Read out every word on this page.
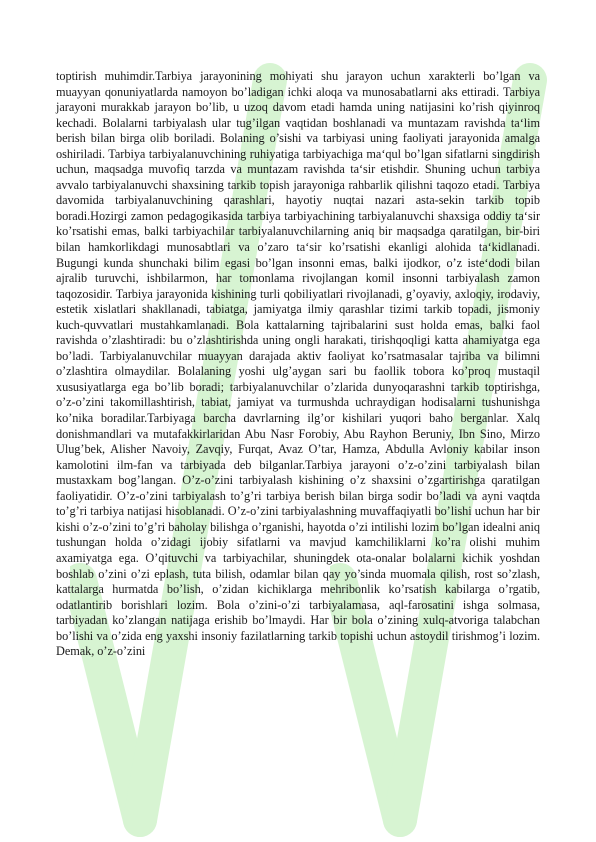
toptirish muhimdir.Tarbiya jarayonining mohiyati shu jarayon uchun xarakterli bo’lgan va muayyan qonuniyatlarda namoyon bo’ladigan ichki aloqa va munosabatlarni aks ettiradi. Tarbiya jarayoni murakkab jarayon bo’lib, u uzoq davom etadi hamda uning natijasini ko’rish qiyinroq kechadi. Bolalarni tarbiyalash ular tug’ilgan vaqtidan boshlanadi va muntazam ravishda ta‘lim berish bilan birga olib boriladi. Bolaning o’sishi va tarbiyasi uning faoliyati jarayonida amalga oshiriladi. Tarbiya tarbiyalanuvchining ruhiyatiga tarbiyachiga ma‘qul bo’lgan sifatlarni singdirish uchun, maqsadga muvofiq tarzda va muntazam ravishda ta‘sir etishdir. Shuning uchun tarbiya avvalo tarbiyalanuvchi shaxsining tarkib topish jarayoniga rahbarlik qilishni taqozo etadi. Tarbiya davomida tarbiyalanuvchining qarashlari, hayotiy nuqtai nazari asta-sekin tarkib topib boradi.Hozirgi zamon pedagogikasida tarbiya tarbiyachining tarbiyalanuvchi shaxsiga oddiy ta‘sir ko’rsatishi emas, balki tarbiyachilar tarbiyalanuvchilarning aniq bir maqsadga qaratilgan, bir-biri bilan hamkorlikdagi munosabtlari va o’zaro ta‘sir ko’rsatishi ekanligi alohida ta‘kidlanadi. Bugungi kunda shunchaki bilim egasi bo’lgan insonni emas, balki ijodkor, o’z iste‘dodi bilan ajralib turuvchi, ishbilarmon, har tomonlama rivojlangan komil insonni tarbiyalash zamon taqozosidir. Tarbiya jarayonida kishining turli qobiliyatlari rivojlanadi, g’oyaviy, axloqiy, irodaviy, estetik xislatlari shakllanadi, tabiatga, jamiyatga ilmiy qarashlar tizimi tarkib topadi, jismoniy kuch-quvvatlari mustahkamlanadi. Bola kattalarning tajribalarini sust holda emas, balki faol ravishda o’zlashtiradi: bu o’zlashtirishda uning ongli harakati, tirishqoqligi katta ahamiyatga ega bo’ladi. Tarbiyalanuvchilar muayyan darajada aktiv faoliyat ko’rsatmasalar tajriba va bilimni o’zlashtira olmaydilar. Bolalaning yoshi ulg’aygan sari bu faollik tobora ko’proq mustaqil xususiyatlarga ega bo’lib boradi; tarbiyalanuvchilar o’zlarida dunyoqarashni tarkib toptirishga, o’z-o’zini takomillashtirish, tabiat, jamiyat va turmushda uchraydigan hodisalarni tushunishga ko’nika boradilar.Tarbiyaga barcha davrlarning ilg’or kishilari yuqori baho berganlar. Xalq donishmandlari va mutafakkirlaridan Abu Nasr Forobiy, Abu Rayhon Beruniy, Ibn Sino, Mirzo Ulug’bek, Alisher Navoiy, Zavqiy, Furqat, Avaz O’tar, Hamza, Abdulla Avloniy kabilar inson kamolotini ilm-fan va tarbiyada deb bilganlar.Tarbiya jarayoni o’z-o’zini tarbiyalash bilan mustaxkam bog’langan. O’z-o’zini tarbiyalash kishining o’z shaxsini o’zgartirishga qaratilgan faoliyatidir. O’z-o’zini tarbiyalash to’g’ri tarbiya berish bilan birga sodir bo’ladi va ayni vaqtda to’g’ri tarbiya natijasi hisoblanadi. O’z-o’zini tarbiyalashning muvaffaqiyatli bo’lishi uchun har bir kishi o’z-o’zini to’g’ri baholay bilishga o’rganishi, hayotda o’zi intilishi lozim bo’lgan idealni aniq tushungan holda o’zidagi ijobiy sifatlarni va mavjud kamchiliklarni ko’ra olishi muhim axamiyatga ega. O’qituvchi va tarbiyachilar, shuningdek ota-onalar bolalarni kichik yoshdan boshlab o’zini o’zi eplash, tuta bilish, odamlar bilan qay yo’sinda muomala qilish, rost so’zlash, kattalarga hurmatda bo’lish, o’zidan kichiklarga mehribonlik ko’rsatish kabilarga o’rgatib, odatlantirib borishlari lozim. Bola o’zini-o’zi tarbiyalamasa, aql-farosatini ishga solmasa, tarbiyadan ko’zlangan natijaga erishib bo’lmaydi. Har bir bola o’zining xulq-atvoriga talabchan bo’lishi va o’zida eng yaxshi insoniy fazilatlarning tarkib topishi uchun astoydil tirishmog’i lozim. Demak, o’z-o’zini
